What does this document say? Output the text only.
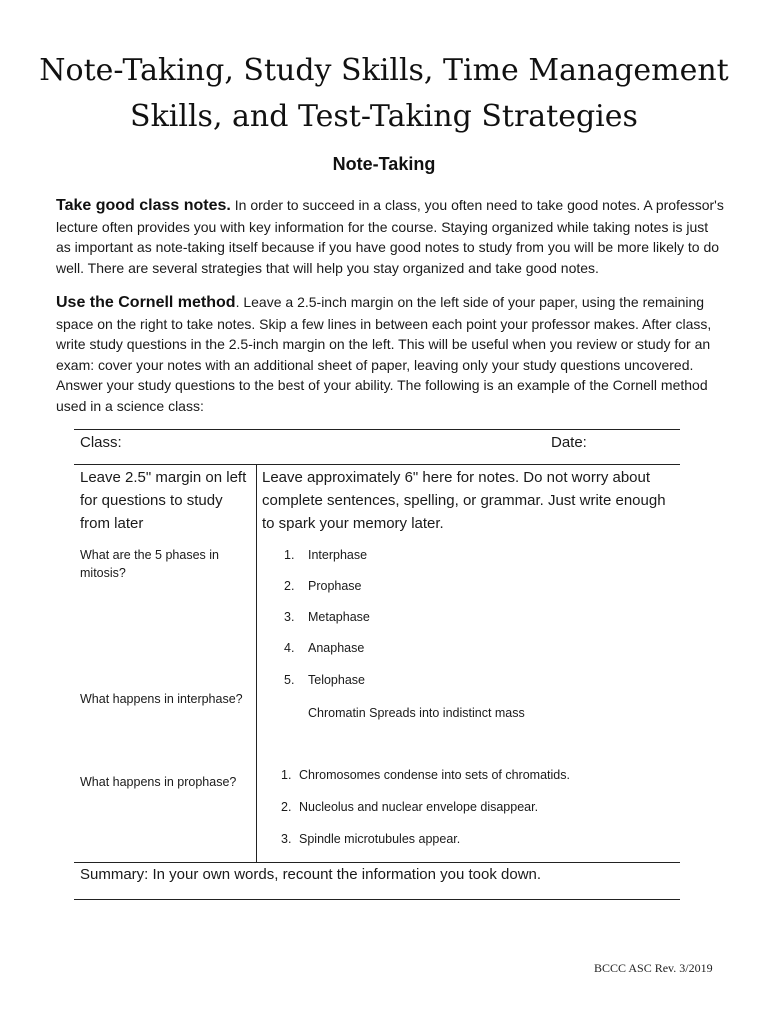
Note-Taking, Study Skills, Time Management
Skills, and Test-Taking Strategies
Note-Taking
Take good class notes. In order to succeed in a class, you often need to take good notes. A professor's lecture often provides you with key information for the course. Staying organized while taking notes is just as important as note-taking itself because if you have good notes to study from you will be more likely to do well. There are several strategies that will help you stay organized and take good notes.
Use the Cornell method. Leave a 2.5-inch margin on the left side of your paper, using the remaining space on the right to take notes. Skip a few lines in between each point your professor makes. After class, write study questions in the 2.5-inch margin on the left. This will be useful when you review or study for an exam: cover your notes with an additional sheet of paper, leaving only your study questions uncovered. Answer your study questions to the best of your ability. The following is an example of the Cornell method used in a science class:
Class:	Date:
Leave 2.5" margin on left for questions to study from later
Leave approximately 6" here for notes. Do not worry about complete sentences, spelling, or grammar. Just write enough to spark your memory later.
What are the 5 phases in mitosis?
What happens in interphase?
What happens in prophase?
1. Interphase
2. Prophase
3. Metaphase
4. Anaphase
5. Telophase
Chromatin Spreads into indistinct mass
1. Chromosomes condense into sets of chromatids.
2. Nucleolus and nuclear envelope disappear.
3. Spindle microtubules appear.
Summary: In your own words, recount the information you took down.
BCCC ASC Rev. 3/2019
